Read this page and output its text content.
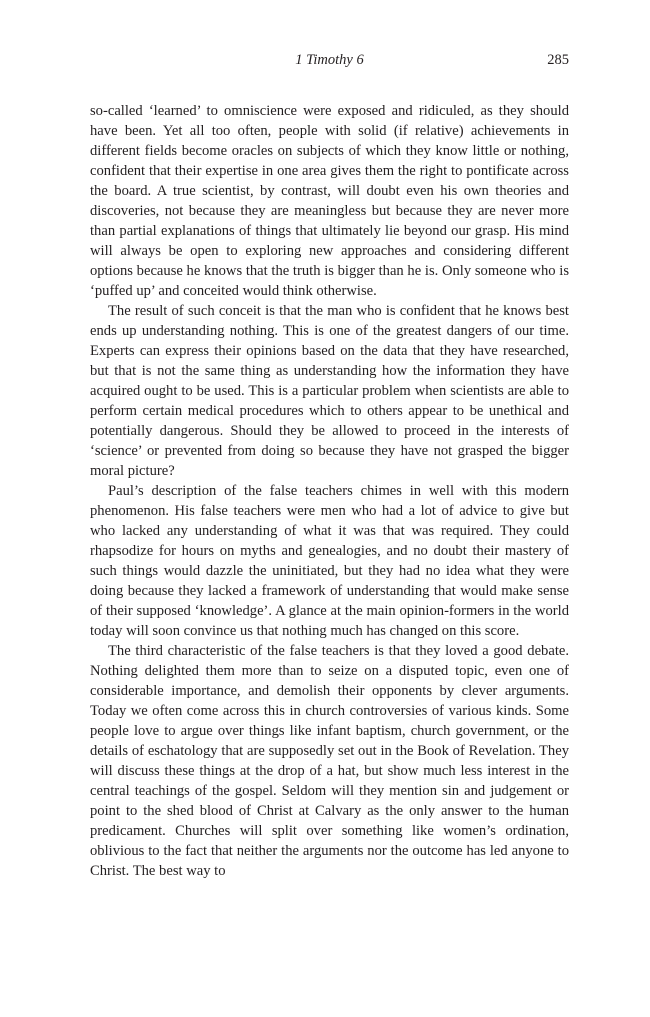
1 Timothy 6	285

so-called ‘learned’ to omniscience were exposed and ridiculed, as they should have been. Yet all too often, people with solid (if relative) achievements in different fields become oracles on subjects of which they know little or nothing, confident that their expertise in one area gives them the right to pontificate across the board. A true scientist, by contrast, will doubt even his own theories and discoveries, not because they are meaningless but because they are never more than partial explanations of things that ultimately lie beyond our grasp. His mind will always be open to exploring new approaches and considering different options because he knows that the truth is bigger than he is. Only someone who is ‘puffed up’ and conceited would think otherwise.

The result of such conceit is that the man who is confident that he knows best ends up understanding nothing. This is one of the greatest dangers of our time. Experts can express their opinions based on the data that they have researched, but that is not the same thing as understanding how the information they have acquired ought to be used. This is a particular problem when scientists are able to perform certain medical procedures which to others appear to be unethical and potentially dangerous. Should they be allowed to proceed in the interests of ‘science’ or prevented from doing so because they have not grasped the bigger moral picture?

Paul’s description of the false teachers chimes in well with this modern phenomenon. His false teachers were men who had a lot of advice to give but who lacked any understanding of what it was that was required. They could rhapsodize for hours on myths and genealogies, and no doubt their mastery of such things would dazzle the uninitiated, but they had no idea what they were doing because they lacked a framework of understanding that would make sense of their supposed ‘knowledge’. A glance at the main opinion-formers in the world today will soon convince us that nothing much has changed on this score.

The third characteristic of the false teachers is that they loved a good debate. Nothing delighted them more than to seize on a disputed topic, even one of considerable importance, and demolish their opponents by clever arguments. Today we often come across this in church controversies of various kinds. Some people love to argue over things like infant baptism, church government, or the details of eschatology that are supposedly set out in the Book of Revelation. They will discuss these things at the drop of a hat, but show much less interest in the central teachings of the gospel. Seldom will they mention sin and judgement or point to the shed blood of Christ at Calvary as the only answer to the human predicament. Churches will split over something like women’s ordination, oblivious to the fact that neither the arguments nor the outcome has led anyone to Christ. The best way to
